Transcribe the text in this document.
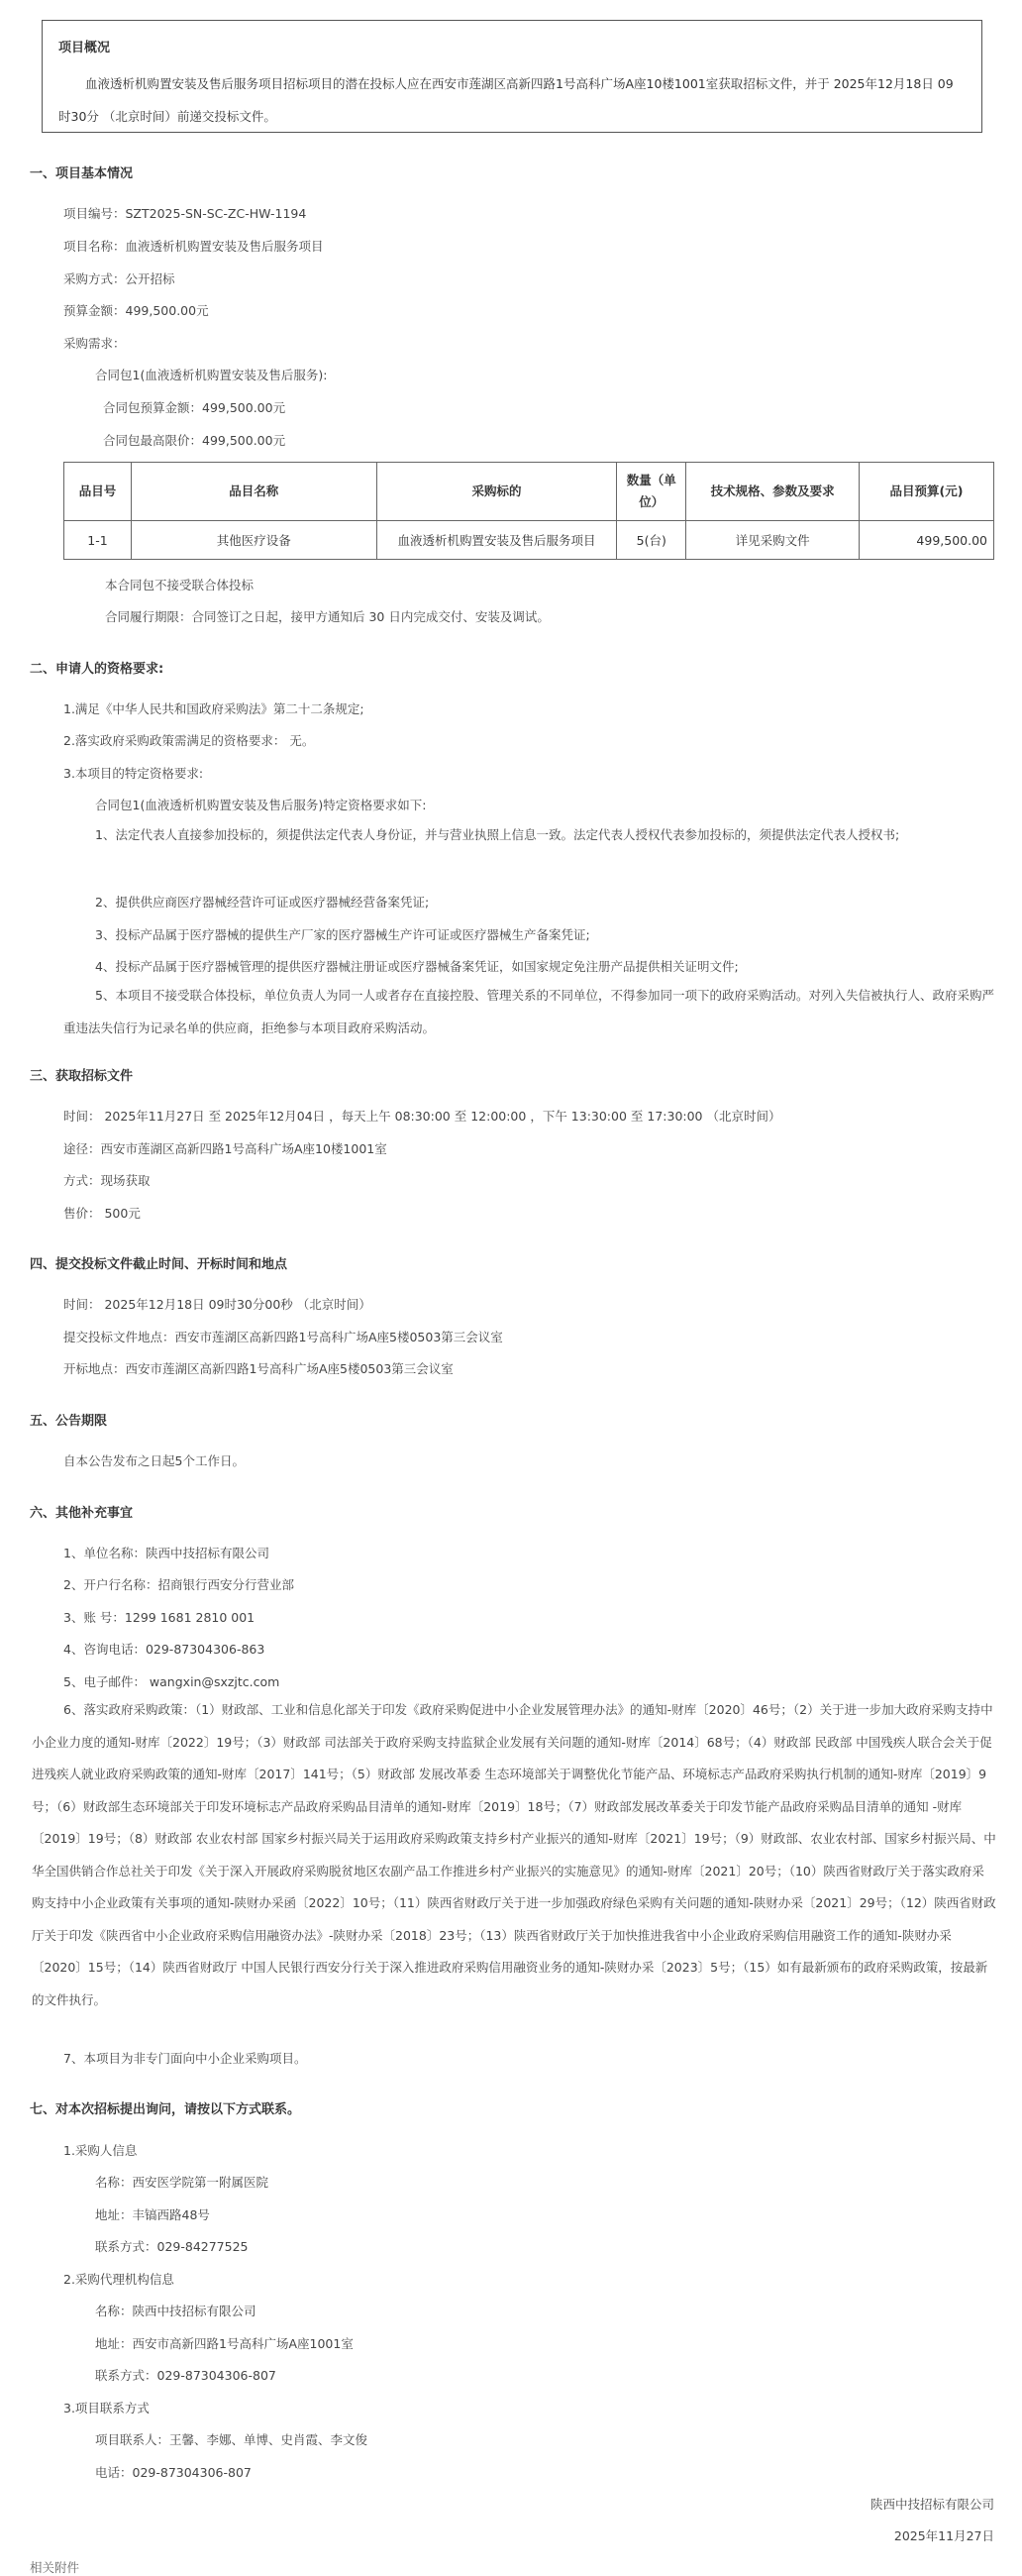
项目概况
血液透析机购置安装及售后服务项目招标项目的潜在投标人应在西安市莲湖区高新四路1号高科广场A座10楼1001室获取招标文件，并于 2025年12月18日 09时30分 （北京时间）前递交投标文件。
一、项目基本情况
项目编号：SZT2025-SN-SC-ZC-HW-1194
项目名称：血液透析机购置安装及售后服务项目
采购方式：公开招标
预算金额：499,500.00元
采购需求：
合同包1(血液透析机购置安装及售后服务):
合同包预算金额：499,500.00元
合同包最高限价：499,500.00元
品目号	品目名称	采购标的	数量（单位）	技术规格、参数及要求	品目预算(元)
1-1	其他医疗设备	血液透析机购置安装及售后服务项目	5(台)	详见采购文件	499,500.00
本合同包不接受联合体投标
合同履行期限：合同签订之日起，接甲方通知后 30 日内完成交付、安装及调试。
二、申请人的资格要求:
1.满足《中华人民共和国政府采购法》第二十二条规定;
2.落实政府采购政策需满足的资格要求： 无。
3.本项目的特定资格要求:
合同包1(血液透析机购置安装及售后服务)特定资格要求如下:
1、法定代表人直接参加投标的，须提供法定代表人身份证，并与营业执照上信息一致。法定代表人授权代表参加投标的，须提供法定代表人授权书;
2、提供供应商医疗器械经营许可证或医疗器械经营备案凭证;
3、投标产品属于医疗器械的提供生产厂家的医疗器械生产许可证或医疗器械生产备案凭证;
4、投标产品属于医疗器械管理的提供医疗器械注册证或医疗器械备案凭证，如国家规定免注册产品提供相关证明文件;
5、本项目不接受联合体投标，单位负责人为同一人或者存在直接控股、管理关系的不同单位，不得参加同一项下的政府采购活动。对列入失信被执行人、政府采购严重违法失信行为记录名单的供应商，拒绝参与本项目政府采购活动。
三、获取招标文件
时间： 2025年11月27日 至 2025年12月04日 ，每天上午 08:30:00 至 12:00:00 ，下午 13:30:00 至 17:30:00 （北京时间）
途径：西安市莲湖区高新四路1号高科广场A座10楼1001室
方式：现场获取
售价： 500元
四、提交投标文件截止时间、开标时间和地点
时间： 2025年12月18日 09时30分00秒 （北京时间）
提交投标文件地点：西安市莲湖区高新四路1号高科广场A座5楼0503第三会议室
开标地点：西安市莲湖区高新四路1号高科广场A座5楼0503第三会议室
五、公告期限
自本公告发布之日起5个工作日。
六、其他补充事宜
1、单位名称：陕西中技招标有限公司
2、开户行名称：招商银行西安分行营业部
3、账 号：1299 1681 2810 001
4、咨询电话：029-87304306-863
5、电子邮件： wangxin@sxzjtc.com
6、落实政府采购政策：（1）财政部、工业和信息化部关于印发《政府采购促进中小企业发展管理办法》的通知-财库〔2020〕46号；（2）关于进一步加大政府采购支持中小企业力度的通知-财库〔2022〕19号；（3）财政部 司法部关于政府采购支持监狱企业发展有关问题的通知-财库〔2014〕68号；（4）财政部 民政部 中国残疾人联合会关于促进残疾人就业政府采购政策的通知-财库〔2017〕141号；（5）财政部 发展改革委 生态环境部关于调整优化节能产品、环境标志产品政府采购执行机制的通知-财库〔2019〕9号；（6）财政部生态环境部关于印发环境标志产品政府采购品目清单的通知-财库〔2019〕18号；（7）财政部发展改革委关于印发节能产品政府采购品目清单的通知 -财库〔2019〕19号；（8）财政部 农业农村部 国家乡村振兴局关于运用政府采购政策支持乡村产业振兴的通知-财库〔2021〕19号；（9）财政部、农业农村部、国家乡村振兴局、中华全国供销合作总社关于印发《关于深入开展政府采购脱贫地区农副产品工作推进乡村产业振兴的实施意见》的通知-财库〔2021〕20号；（10）陕西省财政厅关于落实政府采购支持中小企业政策有关事项的通知-陕财办采函〔2022〕10号；（11）陕西省财政厅关于进一步加强政府绿色采购有关问题的通知-陕财办采〔2021〕29号；（12）陕西省财政厅关于印发《陕西省中小企业政府采购信用融资办法》-陕财办采〔2018〕23号；（13）陕西省财政厅关于加快推进我省中小企业政府采购信用融资工作的通知-陕财办采〔2020〕15号；（14）陕西省财政厅 中国人民银行西安分行关于深入推进政府采购信用融资业务的通知-陕财办采〔2023〕5号；（15）如有最新颁布的政府采购政策，按最新的文件执行。
7、本项目为非专门面向中小企业采购项目。
七、对本次招标提出询问，请按以下方式联系。
1.采购人信息
名称：西安医学院第一附属医院
地址：丰镐西路48号
联系方式：029-84277525
2.采购代理机构信息
名称：陕西中技招标有限公司
地址：西安市高新四路1号高科广场A座1001室
联系方式：029-87304306-807
3.项目联系方式
项目联系人：王馨、李娜、单博、史肖霞、李文俊
电话：029-87304306-807
陕西中技招标有限公司
2025年11月27日
相关附件
